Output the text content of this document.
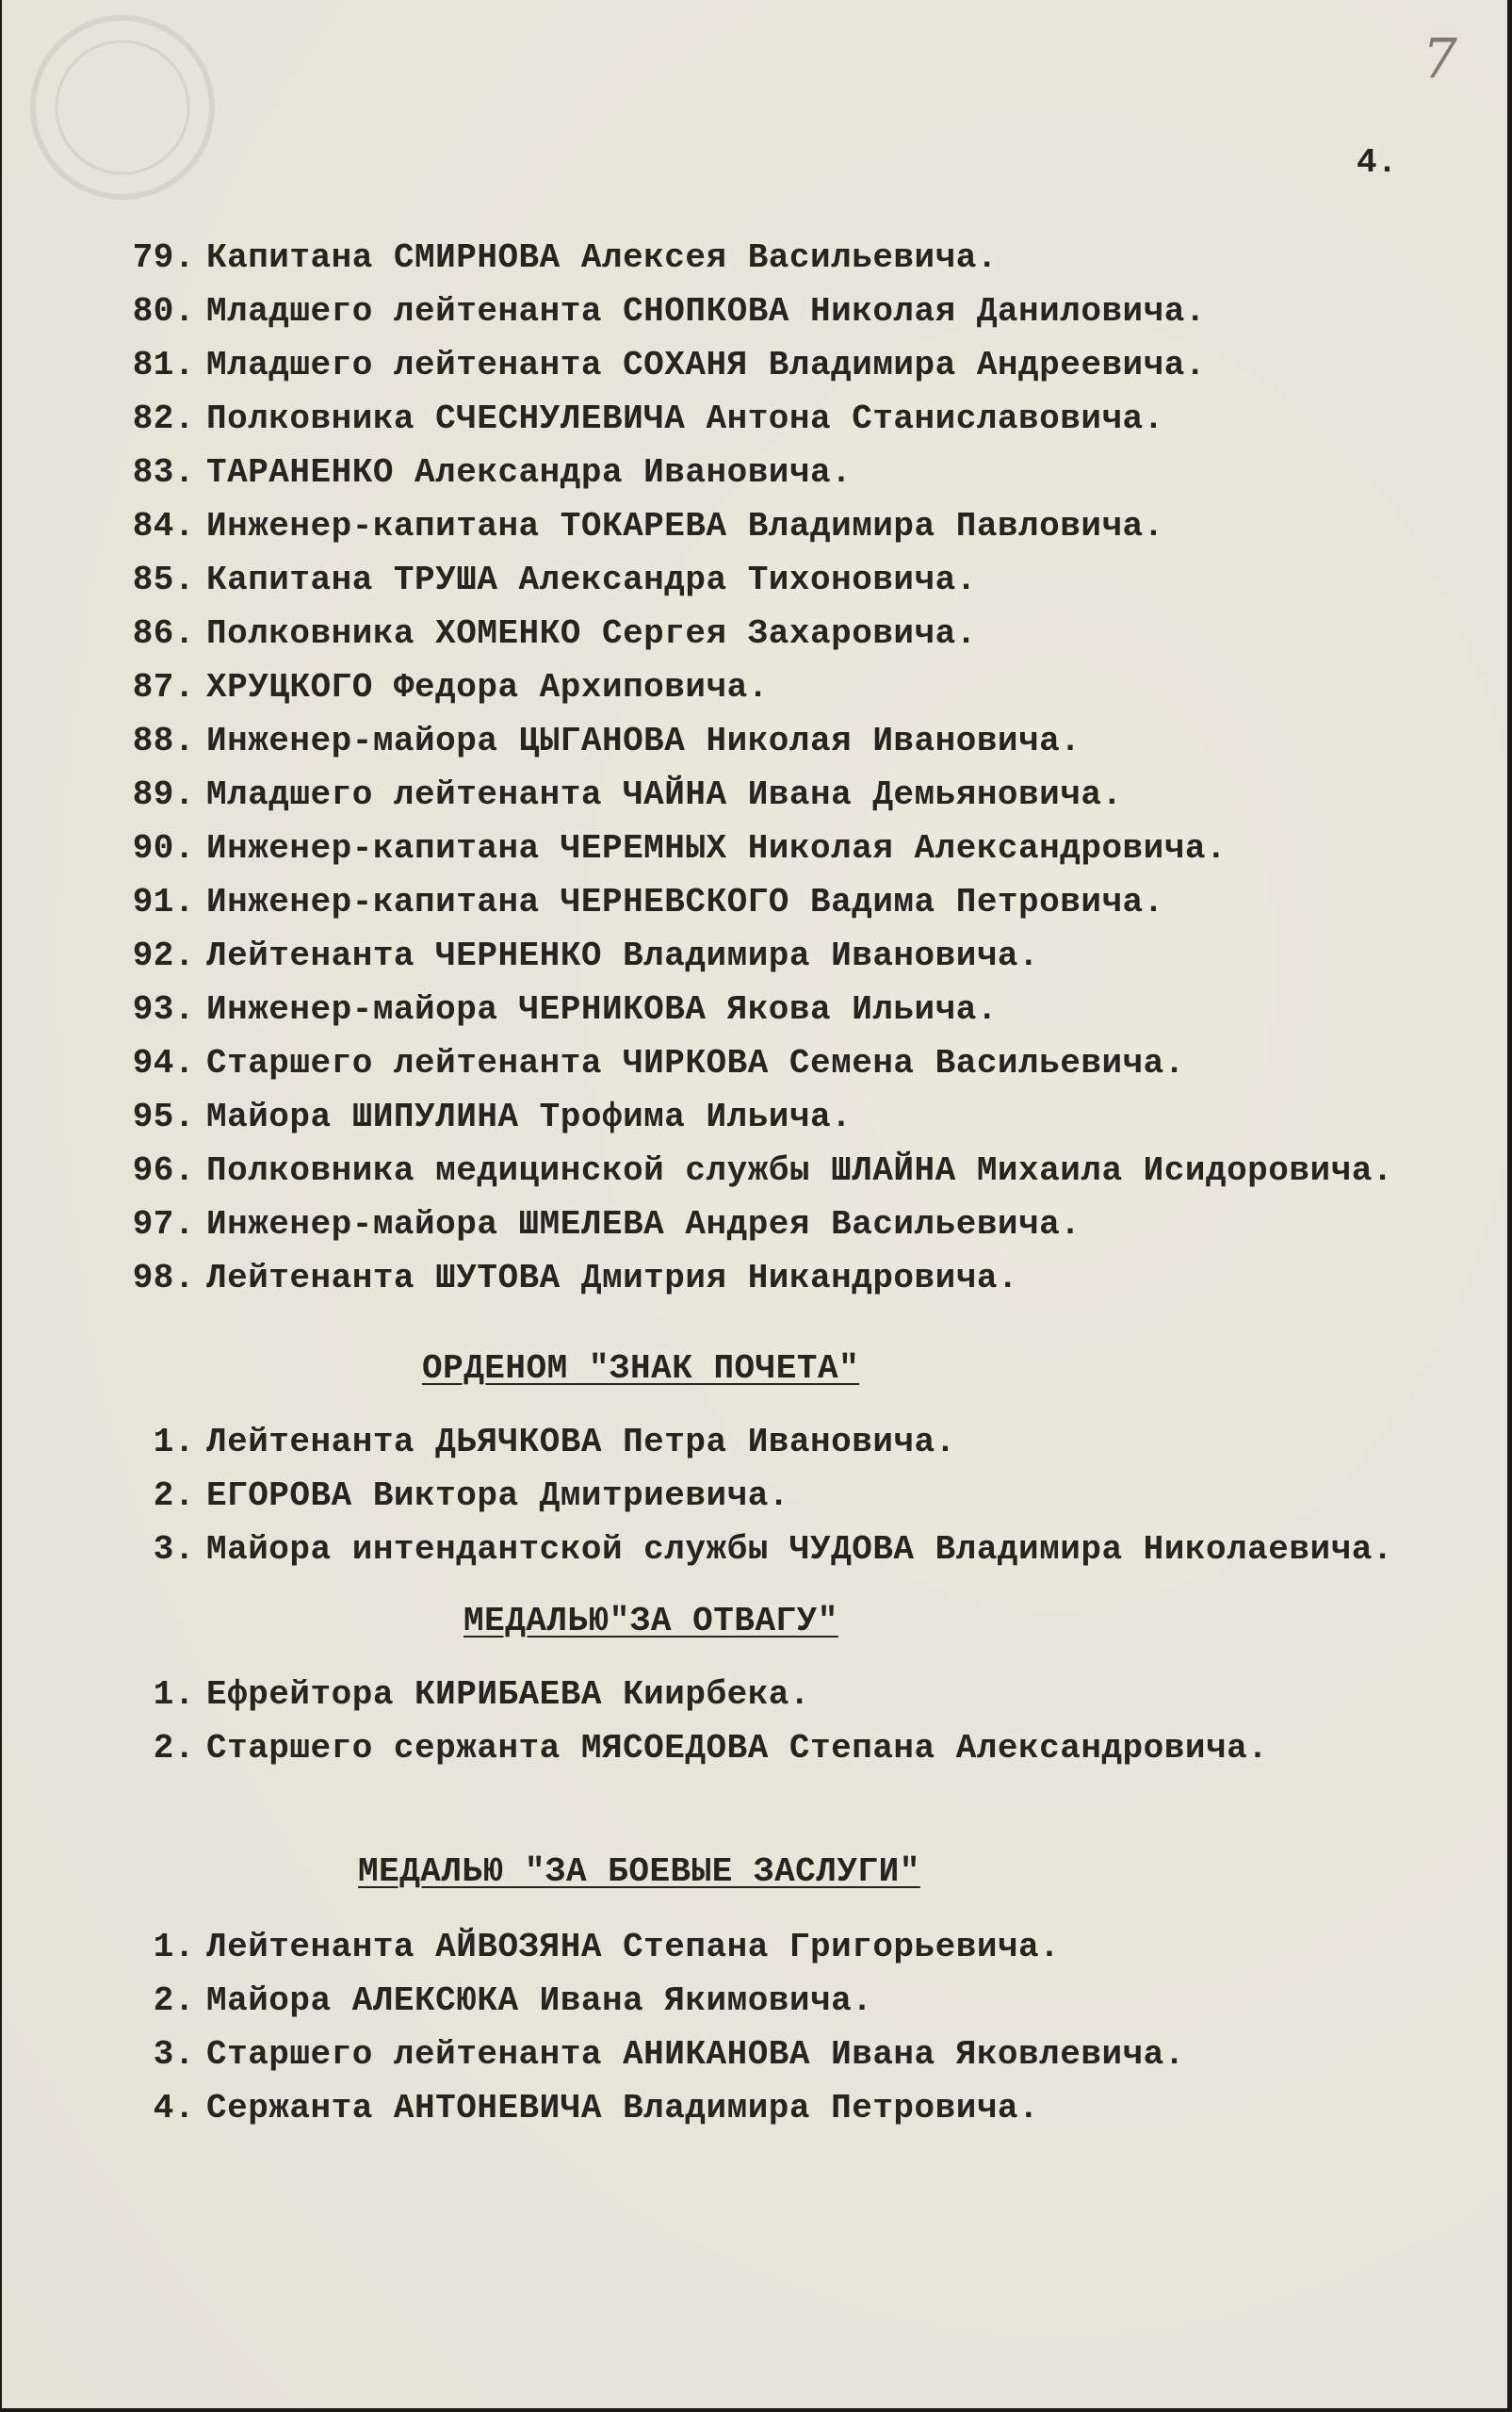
7
4.
79. Капитана СМИРНОВА Алексея Васильевича.
80. Младшего лейтенанта СНОПКОВА Николая Даниловича.
81. Младшего лейтенанта СОХАНЯ Владимира Андреевича.
82. Полковника СЧЕСНУЛЕВИЧА Антона Станиславовича.
83. ТАРАНЕНКО Александра Ивановича.
84. Инженер-капитана ТОКАРЕВА Владимира Павловича.
85. Капитана ТРУША Александра Тихоновича.
86. Полковника ХОМЕНКО Сергея Захаровича.
87. ХРУЦКОГО Федора Архиповича.
88. Инженер-майора ЦЫГАНОВА Николая Ивановича.
89. Младшего лейтенанта ЧАЙНА Ивана Демьяновича.
90. Инженер-капитана ЧЕРЕМНЫХ Николая Александровича.
91. Инженер-капитана ЧЕРНЕВСКОГО Вадима Петровича.
92. Лейтенанта ЧЕРНЕНКО Владимира Ивановича.
93. Инженер-майора ЧЕРНИКОВА Якова Ильича.
94. Старшего лейтенанта ЧИРКОВА Семена Васильевича.
95. Майора ШИПУЛИНА Трофима Ильича.
96. Полковника медицинской службы ШЛАЙНА Михаила Исидоровича.
97. Инженер-майора ШМЕЛЕВА Андрея Васильевича.
98. Лейтенанта ШУТОВА Дмитрия Никандровича.
ОРДЕНОМ "ЗНАК ПОЧЕТА"
1. Лейтенанта ДЬЯЧКОВА Петра Ивановича.
2. ЕГОРОВА Виктора Дмитриевича.
3. Майора интендантской службы ЧУДОВА Владимира Николаевича.
МЕДАЛЬЮ"ЗА ОТВАГУ"
1. Ефрейтора КИРИБАЕВА Киирбека.
2. Старшего сержанта МЯСОЕДОВА Степана Александровича.
МЕДАЛЬЮ "ЗА БОЕВЫЕ ЗАСЛУГИ"
1. Лейтенанта АЙВОЗЯНА Степана Григорьевича.
2. Майора АЛЕКСЮКА Ивана Якимовича.
3. Старшего лейтенанта АНИКАНОВА Ивана Яковлевича.
4. Сержанта АНТОНЕВИЧА Владимира Петровича.
